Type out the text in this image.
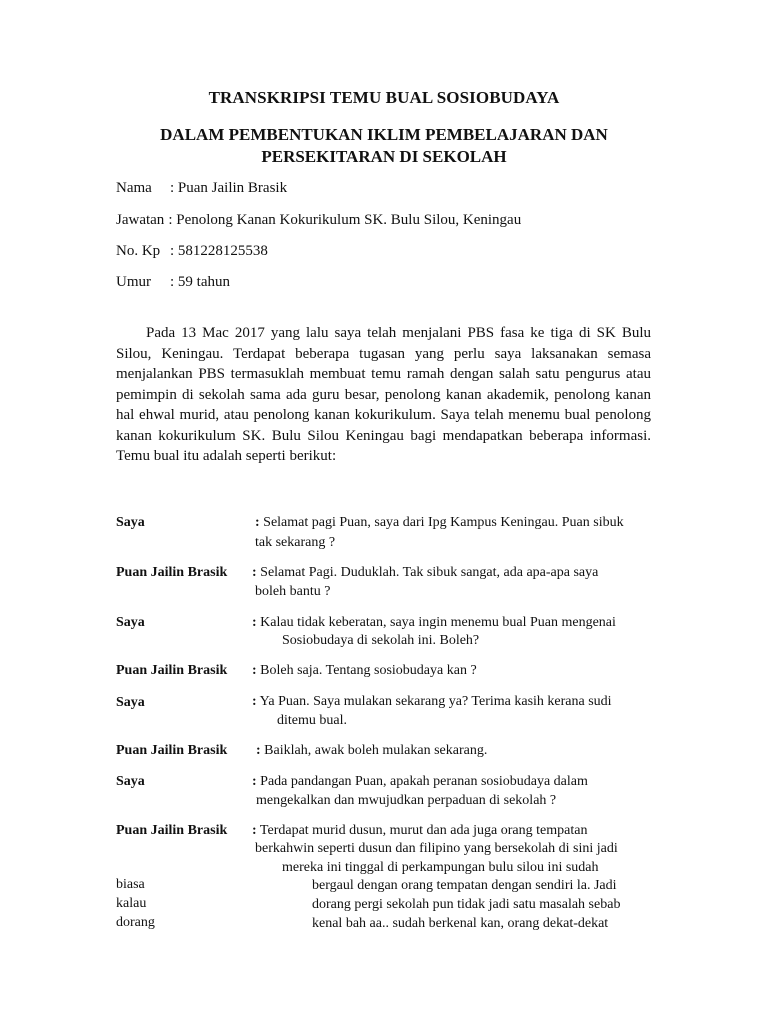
TRANSKRIPSI TEMU BUAL SOSIOBUDAYA
DALAM PEMBENTUKAN IKLIM PEMBELAJARAN DAN
PERSEKITARAN DI SEKOLAH
Nama : Puan Jailin Brasik
Jawatan : Penolong Kanan Kokurikulum SK. Bulu Silou, Keningau
No. Kp : 581228125538
Umur : 59 tahun
Pada 13 Mac 2017 yang lalu saya telah menjalani PBS fasa ke tiga di SK Bulu Silou, Keningau. Terdapat beberapa tugasan yang perlu saya laksanakan semasa menjalankan PBS termasuklah membuat temu ramah dengan salah satu pengurus atau pemimpin di sekolah sama ada guru besar, penolong kanan akademik, penolong kanan hal ehwal murid, atau penolong kanan kokurikulum. Saya telah menemu bual penolong kanan kokurikulum SK. Bulu Silou Keningau bagi mendapatkan beberapa informasi. Temu bual itu adalah seperti berikut:
Saya	: Selamat pagi Puan, saya dari Ipg Kampus Keningau. Puan sibuk
tak sekarang ?
Puan Jailin Brasik : Selamat Pagi. Duduklah. Tak sibuk sangat, ada apa-apa saya
boleh bantu ?
Saya	: Kalau tidak keberatan, saya ingin menemu bual Puan mengenai
Sosiobudaya di sekolah ini. Boleh?
Puan Jailin Brasik : Boleh saja. Tentang sosiobudaya kan ?
Saya	: Ya Puan. Saya mulakan sekarang ya? Terima kasih kerana sudi
ditemu bual.
Puan Jailin Brasik : Baiklah, awak boleh mulakan sekarang.
Saya	: Pada pandangan Puan, apakah peranan sosiobudaya dalam
mengekalkan dan mwujudkan perpaduan di sekolah ?
Puan Jailin Brasik : Terdapat murid dusun, murut dan ada juga orang tempatan
berkahwin seperti dusun dan filipino yang bersekolah di sini jadi
mereka ini tinggal di perkampungan bulu silou ini sudah
biasa	bergaul dengan orang tempatan dengan sendiri la. Jadi
kalau	dorang pergi sekolah pun tidak jadi satu masalah sebab
dorang	kenal bah aa.. sudah berkenal kan, orang dekat-dekat
